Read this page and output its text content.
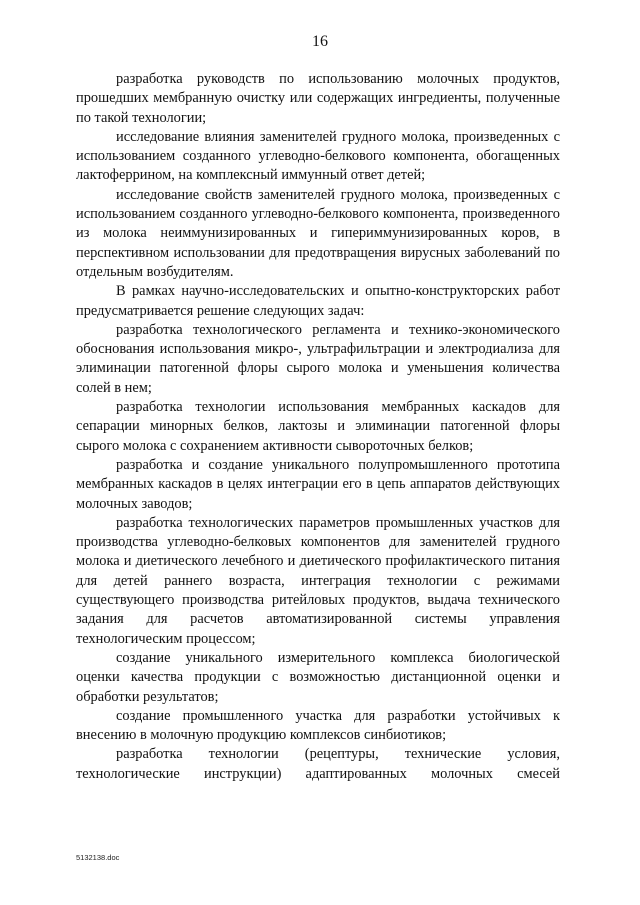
16

разработка руководств по использованию молочных продуктов, прошедших мембранную очистку или содержащих ингредиенты, полученные по такой технологии;

исследование влияния заменителей грудного молока, произведенных с использованием созданного углеводно-белкового компонента, обогащенных лактоферрином, на комплексный иммунный ответ детей;

исследование свойств заменителей грудного молока, произведенных с использованием созданного углеводно-белкового компонента, произведенного из молока неиммунизированных и гипериммунизированных коров, в перспективном использовании для предотвращения вирусных заболеваний по отдельным возбудителям.

В рамках научно-исследовательских и опытно-конструкторских работ предусматривается решение следующих задач:

разработка технологического регламента и технико-экономического обоснования использования микро-, ультрафильтрации и электродиализа для элиминации патогенной флоры сырого молока и уменьшения количества солей в нем;

разработка технологии использования мембранных каскадов для сепарации минорных белков, лактозы и элиминации патогенной флоры сырого молока с сохранением активности сывороточных белков;

разработка и создание уникального полупромышленного прототипа мембранных каскадов в целях интеграции его в цепь аппаратов действующих молочных заводов;

разработка технологических параметров промышленных участков для производства углеводно-белковых компонентов для заменителей грудного молока и диетического лечебного и диетического профилактического питания для детей раннего возраста, интеграция технологии с режимами существующего производства ритейловых продуктов, выдача технического задания для расчетов автоматизированной системы управления технологическим процессом;

создание уникального измерительного комплекса биологической оценки качества продукции с возможностью дистанционной оценки и обработки результатов;

создание промышленного участка для разработки устойчивых к внесению в молочную продукцию комплексов синбиотиков;

разработка технологии (рецептуры, технические условия, технологические инструкции) адаптированных молочных смесей

5132138.doc
